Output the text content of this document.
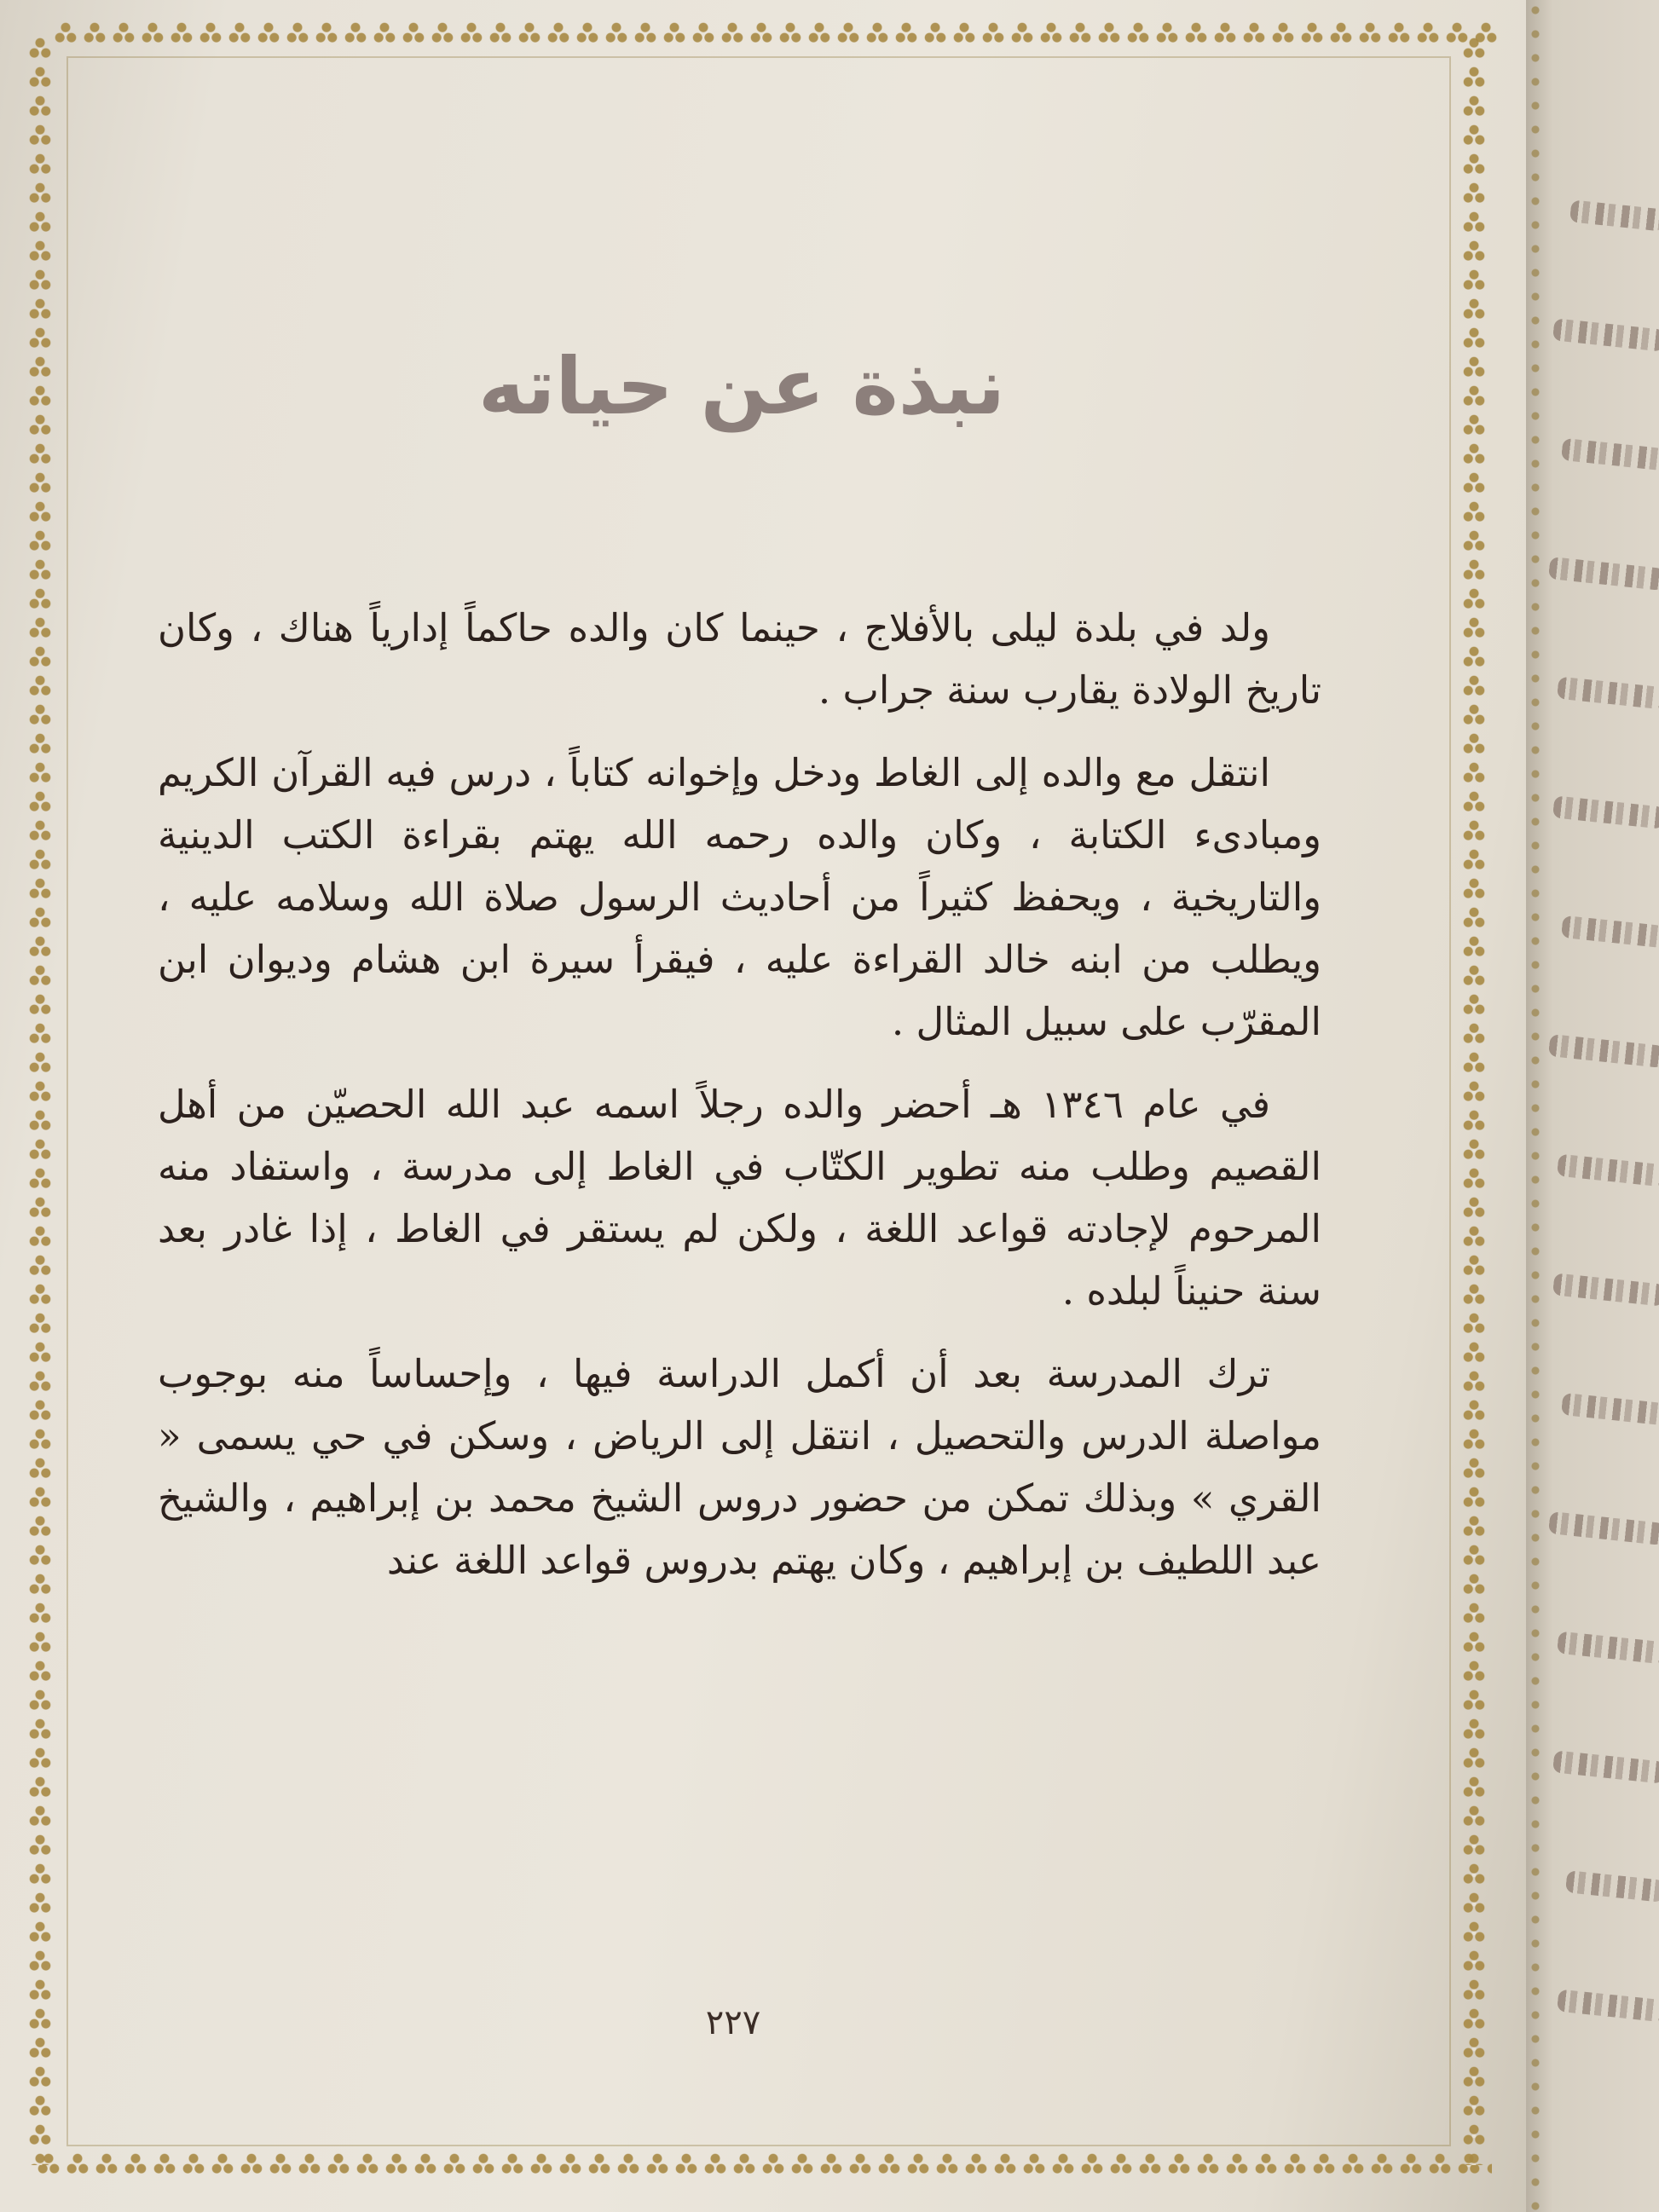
نبذة عن حياته

ولد في بلدة ليلى بالأفلاج ، حينما كان والده حاكماً إدارياً هناك ، وكان تاريخ الولادة يقارب سنة جراب .

انتقل مع والده إلى الغاط ودخل وإخوانه كتاباً ، درس فيه القرآن الكريم ومبادىء الكتابة ، وكان والده رحمه الله يهتم بقراءة الكتب الدينية والتاريخية ، ويحفظ كثيراً من أحاديث الرسول صلاة الله وسلامه عليه ، ويطلب من ابنه خالد القراءة عليه ، فيقرأ سيرة ابن هشام وديوان ابن المقرّب على سبيل المثال .

في عام ١٣٤٦ هـ أحضر والده رجلاً اسمه عبد الله الحصيّن من أهل القصيم وطلب منه تطوير الكتّاب في الغاط إلى مدرسة ، واستفاد منه المرحوم لإجادته قواعد اللغة ، ولكن لم يستقر في الغاط ، إذا غادر بعد سنة حنيناً لبلده .

ترك المدرسة بعد أن أكمل الدراسة فيها ، وإحساساً منه بوجوب مواصلة الدرس والتحصيل ، انتقل إلى الرياض ، وسكن في حي يسمى « القري » وبذلك تمكن من حضور دروس الشيخ محمد بن إبراهيم ، والشيخ عبد اللطيف بن إبراهيم ، وكان يهتم بدروس قواعد اللغة عند

٢٢٧
